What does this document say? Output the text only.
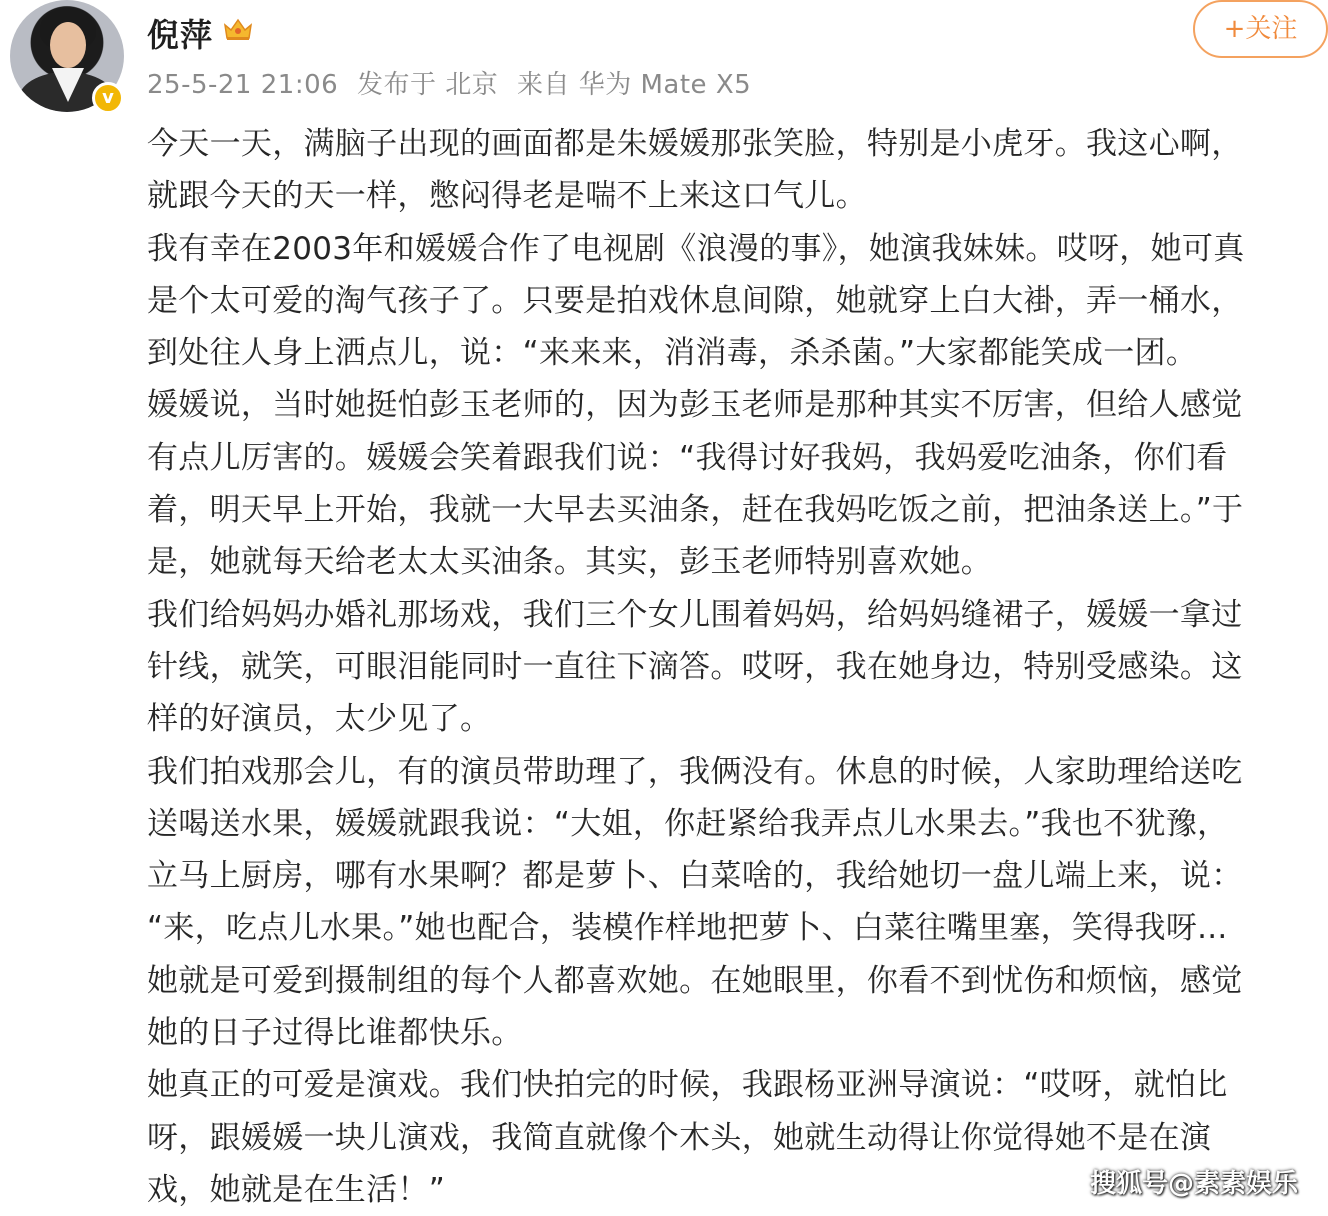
v
倪萍
25-5-21 21:06 发布于 北京 来自 华为 Mate X5
+关注
今天一天，满脑子出现的画面都是朱媛媛那张笑脸，特别是小虎牙。我这心啊，
就跟今天的天一样，憋闷得老是喘不上来这口气儿。
我有幸在2003年和媛媛合作了电视剧《浪漫的事》，她演我妹妹。哎呀，她可真
是个太可爱的淘气孩子了。只要是拍戏休息间隙，她就穿上白大褂，弄一桶水，
到处往人身上洒点儿，说：“来来来，消消毒，杀杀菌。”大家都能笑成一团。
媛媛说，当时她挺怕彭玉老师的，因为彭玉老师是那种其实不厉害，但给人感觉
有点儿厉害的。媛媛会笑着跟我们说：“我得讨好我妈，我妈爱吃油条，你们看
着，明天早上开始，我就一大早去买油条，赶在我妈吃饭之前，把油条送上。”于
是，她就每天给老太太买油条。其实，彭玉老师特别喜欢她。
我们给妈妈办婚礼那场戏，我们三个女儿围着妈妈，给妈妈缝裙子，媛媛一拿过
针线，就笑，可眼泪能同时一直往下滴答。哎呀，我在她身边，特别受感染。这
样的好演员，太少见了。
我们拍戏那会儿，有的演员带助理了，我俩没有。休息的时候，人家助理给送吃
送喝送水果，媛媛就跟我说：“大姐，你赶紧给我弄点儿水果去。”我也不犹豫，
立马上厨房，哪有水果啊？都是萝卜、白菜啥的，我给她切一盘儿端上来，说：
“来，吃点儿水果。”她也配合，装模作样地把萝卜、白菜往嘴里塞，笑得我呀...
她就是可爱到摄制组的每个人都喜欢她。在她眼里，你看不到忧伤和烦恼，感觉
她的日子过得比谁都快乐。
她真正的可爱是演戏。我们快拍完的时候，我跟杨亚洲导演说：“哎呀，就怕比
呀，跟媛媛一块儿演戏，我简直就像个木头，她就生动得让你觉得她不是在演
戏，她就是在生活！”	搜狐号@素素娱乐
